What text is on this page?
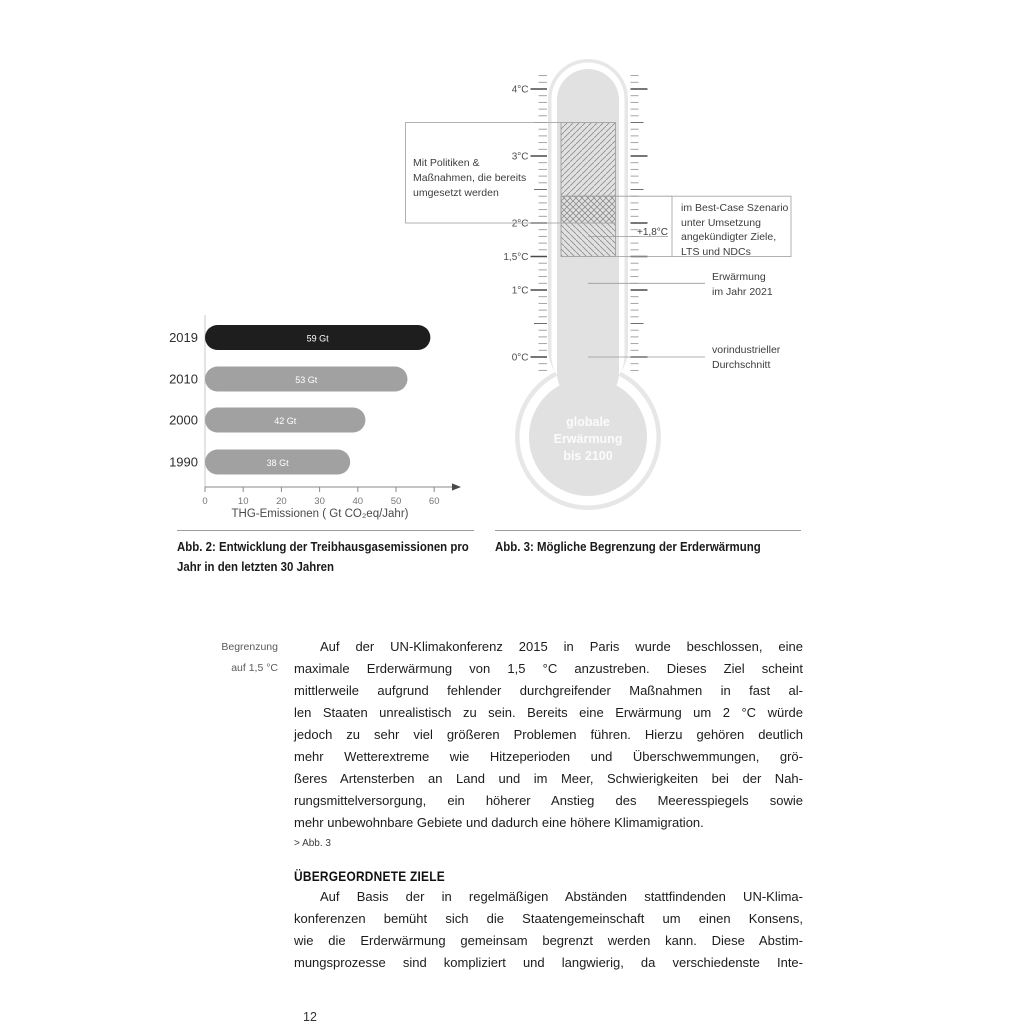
4°C
3°C
2°C
1,5°C
1°C
0°C
59 Gt
2019
53 Gt
2010
42 Gt
2000
38 Gt
1990
0	10	20	30	40	50	60
THG-Emissionen ( Gt CO₂eq/Jahr)
Mit Politiken &
Maßnahmen, die bereits
umgesetzt werden
im Best-Case Szenario
unter Umsetzung
angekündigter Ziele,
LTS und NDCs
+1,8°C
Erwärmung
im Jahr 2021
vorindustrieller
Durchschnitt
globale
Erwärmung
bis 2100
Abb. 2: Entwicklung der Treibhausgasemissionen pro
Jahr in den letzten 30 Jahren
Abb. 3: Mögliche Begrenzung der Erderwärmung
Begrenzung
auf 1,5 °C
Auf der UN-Klimakonferenz 2015 in Paris wurde beschlossen, eine
maximale Erderwärmung von 1,5 °C anzustreben. Dieses Ziel scheint
mittlerweile aufgrund fehlender durchgreifender Maßnahmen in fast al-
len Staaten unrealistisch zu sein. Bereits eine Erwärmung um 2 °C würde
jedoch zu sehr viel größeren Problemen führen. Hierzu gehören deutlich
mehr Wetterextreme wie Hitzeperioden und Überschwemmungen, grö-
ßeres Artensterben an Land und im Meer, Schwierigkeiten bei der Nah-
rungsmittelversorgung, ein höherer Anstieg des Meeresspiegels sowie
mehr unbewohnbare Gebiete und dadurch eine höhere Klimamigration.
> Abb. 3
ÜBERGEORDNETE ZIELE
Auf Basis der in regelmäßigen Abständen stattfindenden UN-Klima-
konferenzen bemüht sich die Staatengemeinschaft um einen Konsens,
wie die Erderwärmung gemeinsam begrenzt werden kann. Diese Abstim-
mungsprozesse sind kompliziert und langwierig, da verschiedenste Inte-
12
